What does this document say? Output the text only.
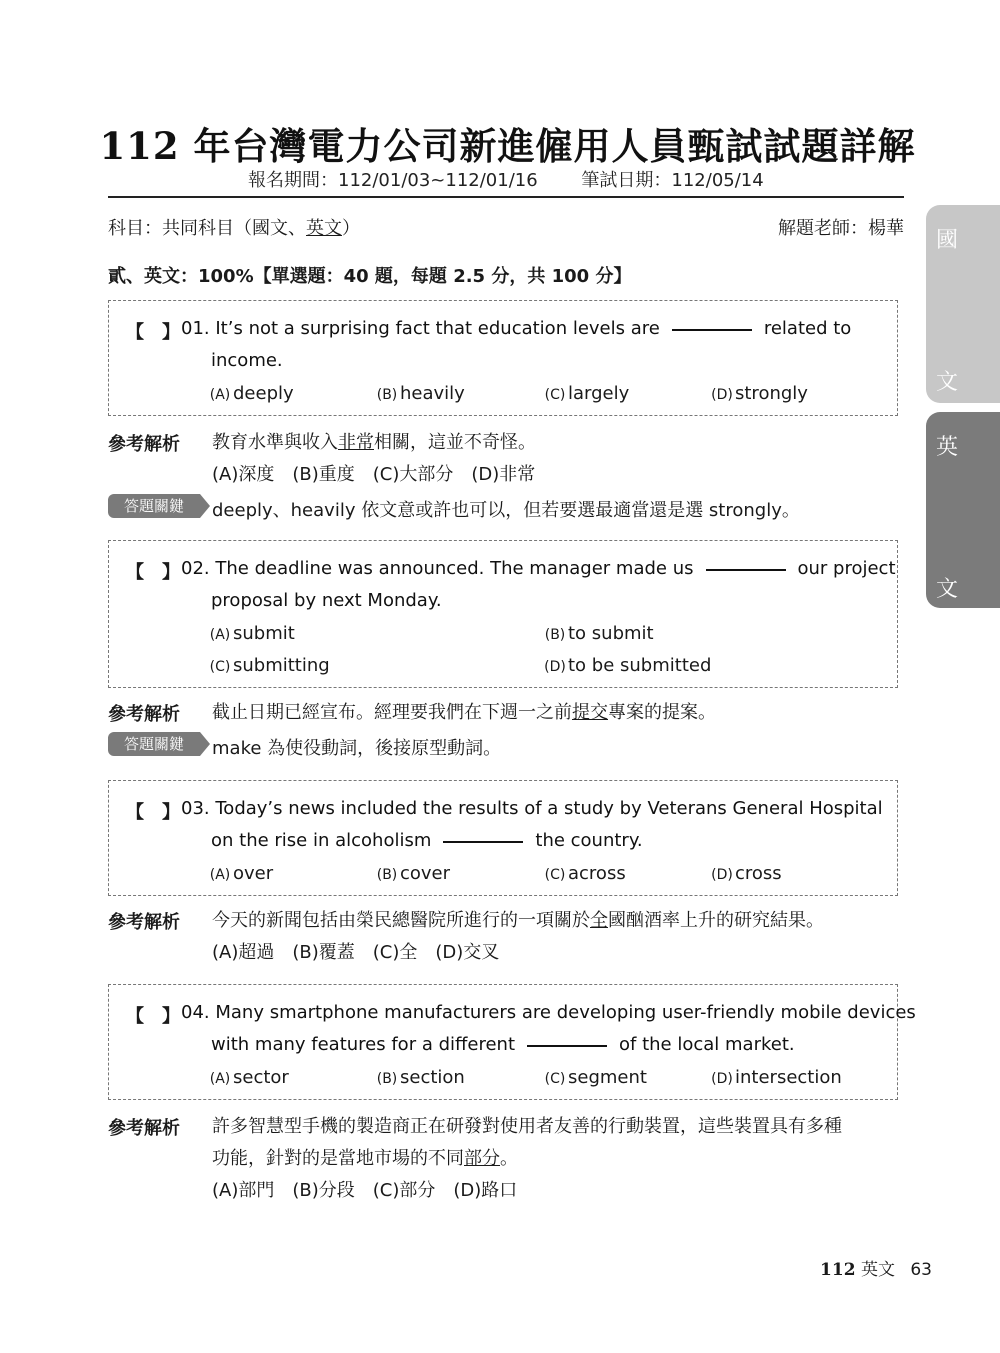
112 年台灣電力公司新進僱用人員甄試試題詳解
報名期間：112/01/03~112/01/16 筆試日期：112/05/14
科目：共同科目（國文、英文）	解題老師：楊華
貳、英文：100%【單選題：40 題，每題 2.5 分，共 100 分】
【　】 01. It’s not a surprising fact that education levels are	related to
income.
(A) deeply	(B) heavily	(C) largely	(D) strongly
參考解析 教育水準與收入非常相關，這並不奇怪。
(A)深度　(B)重度　(C)大部分　(D)非常
答題關鍵	deeply、heavily 依文意或許也可以，但若要選最適當還是選 strongly。
【　】 02. The deadline was announced. The manager made us	our project
proposal by next Monday.
(A) submit	(B) to submit
(C) submitting	(D) to be submitted
參考解析 截止日期已經宣布。經理要我們在下週一之前提交專案的提案。
答題關鍵	make 為使役動詞，後接原型動詞。
【　】 03. Today’s news included the results of a study by Veterans General Hospital
on the rise in alcoholism	the country.
(A) over	(B) cover	(C) across	(D) cross
參考解析 今天的新聞包括由榮民總醫院所進行的一項關於全國酗酒率上升的研究結果。
(A)超過　(B)覆蓋　(C)全　(D)交叉
【　】 04. Many smartphone manufacturers are developing user-friendly mobile devices
with many features for a different	of the local market.
(A) sector	(B) section	(C) segment	(D) intersection
參考解析 許多智慧型手機的製造商正在研發對使用者友善的行動裝置，這些裝置具有多種
功能，針對的是當地市場的不同部分。
(A)部門　(B)分段　(C)部分　(D)路口
國
文
英
文
112 英文 63
